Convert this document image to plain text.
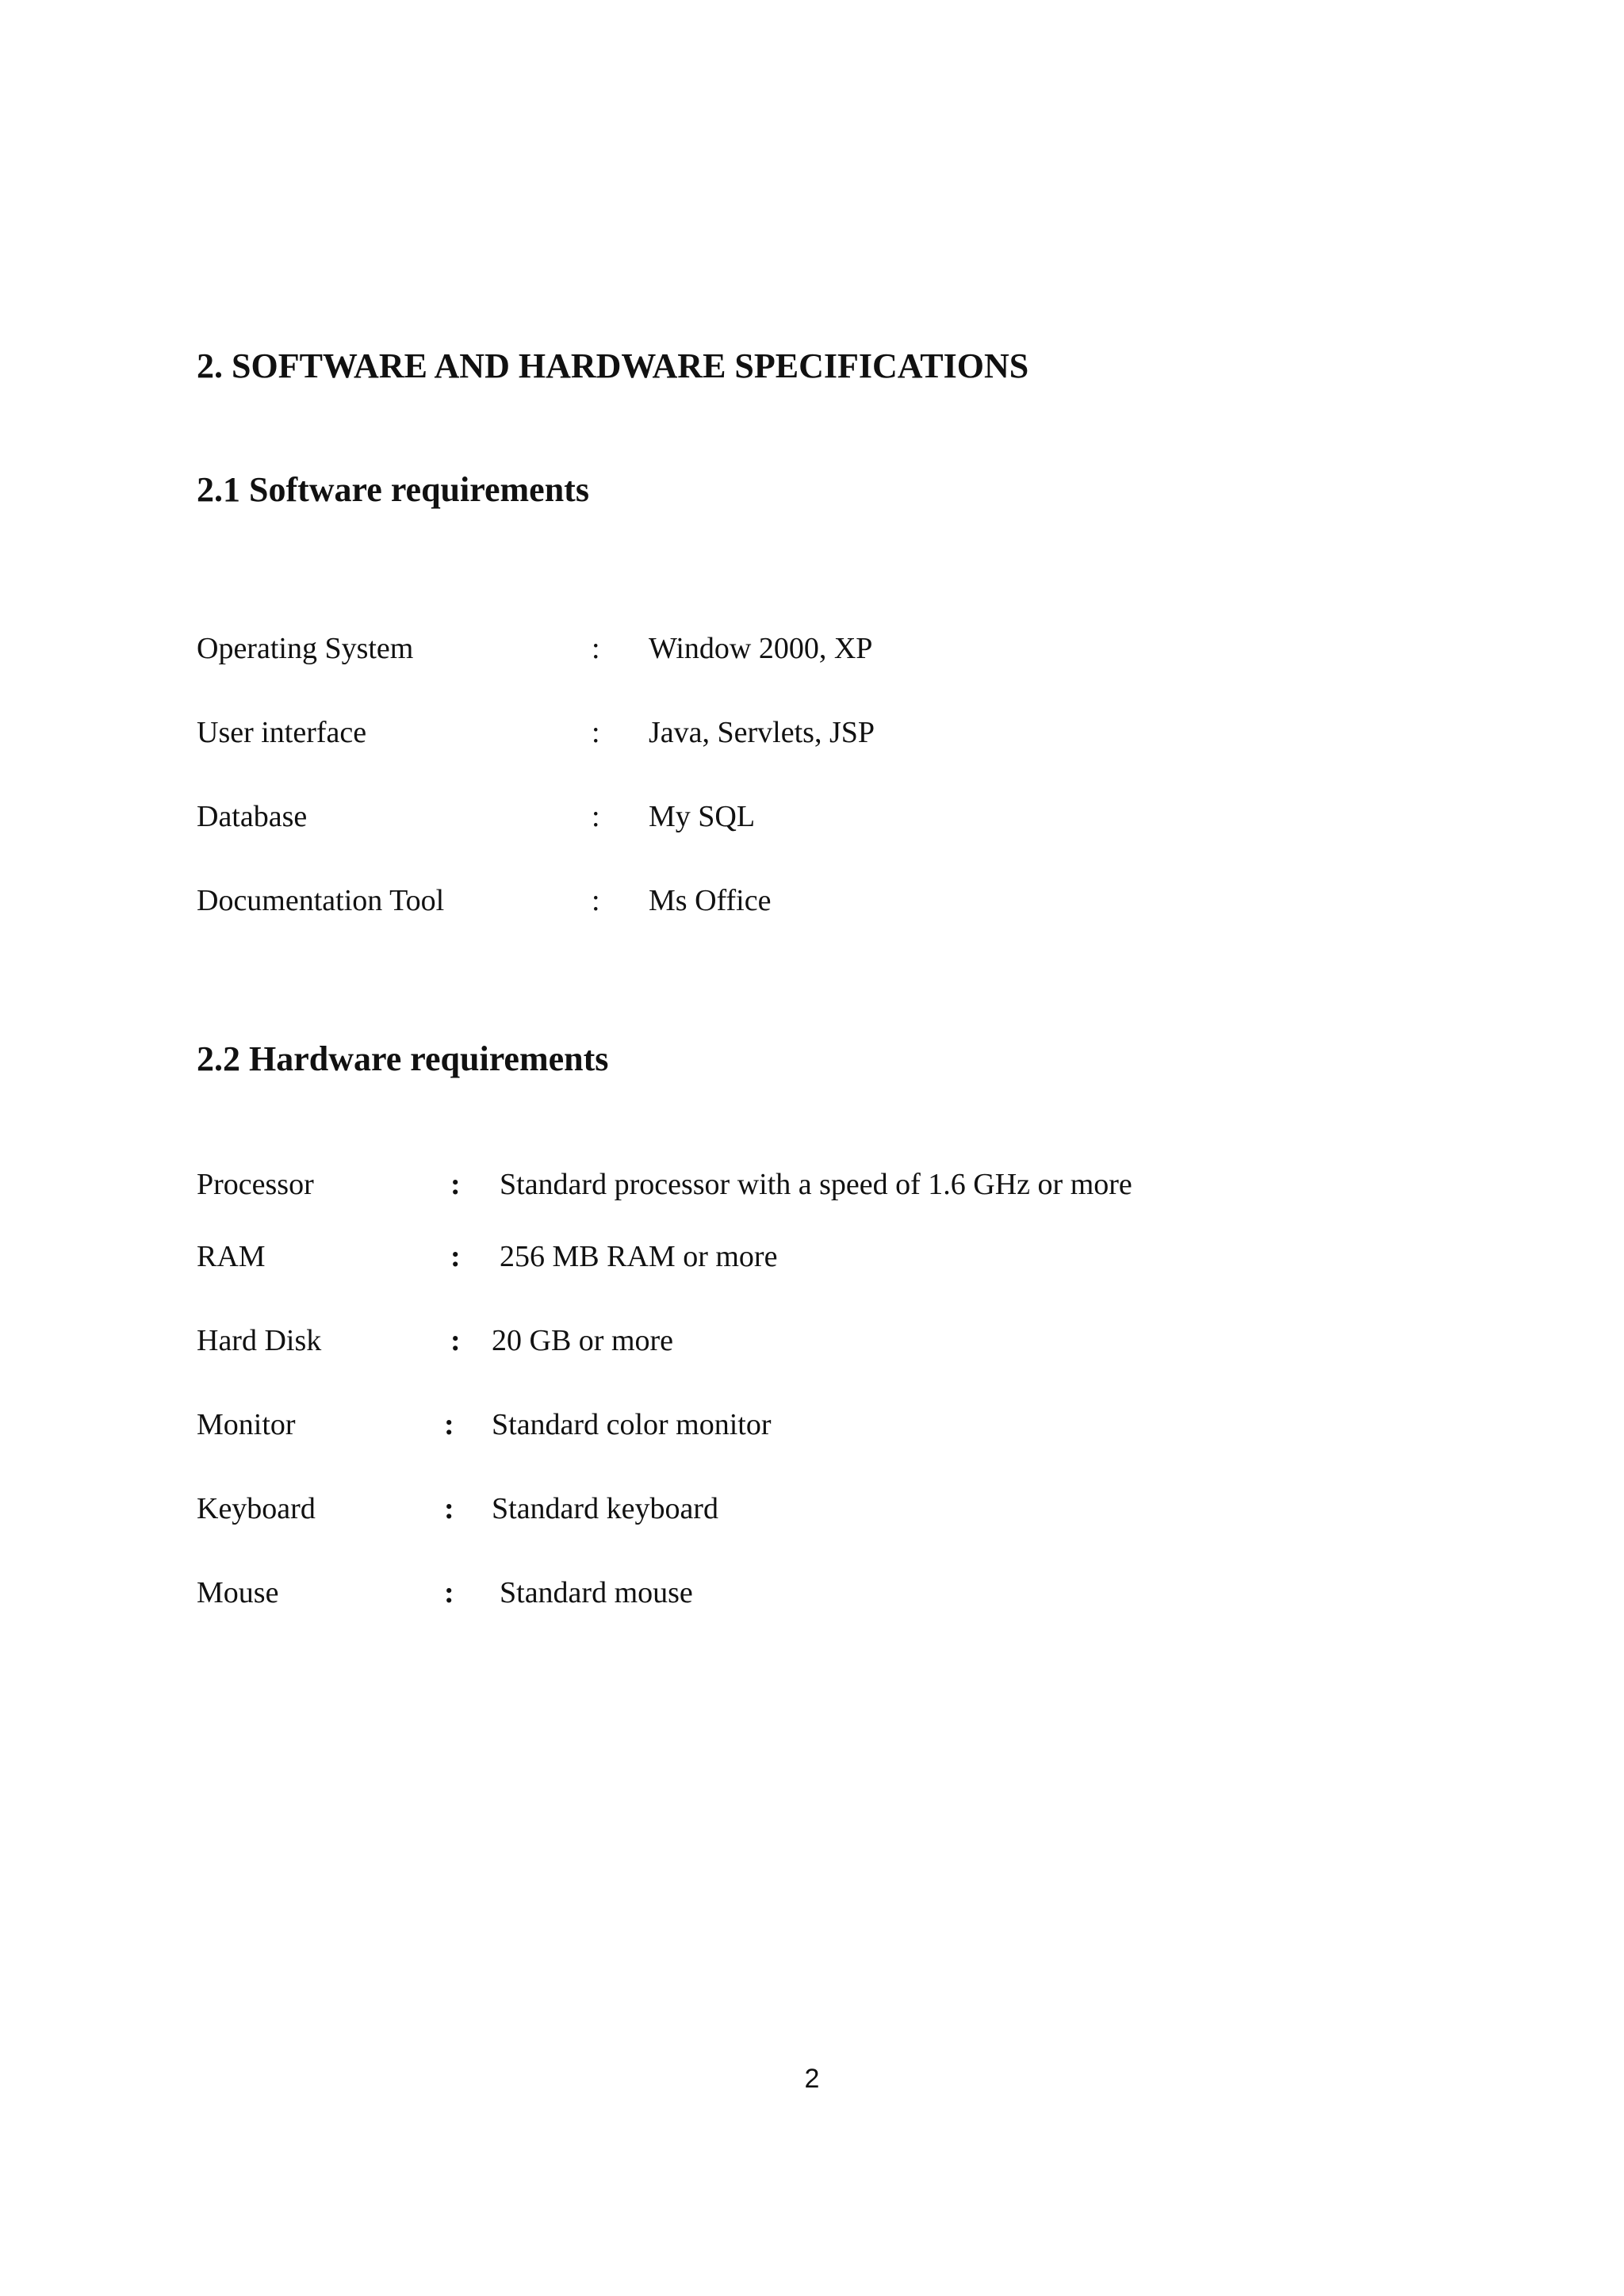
2. SOFTWARE AND HARDWARE SPECIFICATIONS
2.1 Software requirements
Operating System	: Window 2000, XP
User interface	: Java, Servlets, JSP
Database	: My SQL
Documentation Tool	: Ms Office
2.2 Hardware requirements
Processor	: Standard processor with a speed of 1.6 GHz or more
RAM	: 256 MB RAM or more
Hard Disk	: 20 GB or more
Monitor	: Standard color monitor
Keyboard	: Standard keyboard
Mouse	: Standard mouse
2
